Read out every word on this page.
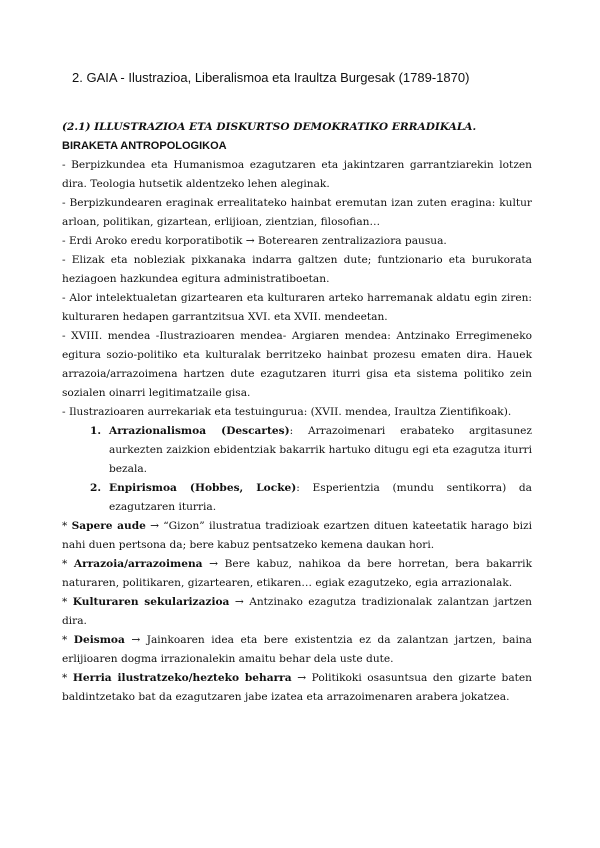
2. GAIA - Ilustrazioa, Liberalismoa eta Iraultza Burgesak (1789-1870)

(2.1) ILLUSTRAZIOA ETA DISKURTSO DEMOKRATIKO ERRADIKALA.

BIRAKETA ANTROPOLOGIKOA

- Berpizkundea eta Humanismoa ezagutzaren eta jakintzaren garrantziarekin lotzen dira. Teologia hutsetik aldentzeko lehen aleginak.

- Berpizkundearen eraginak errealitateko hainbat eremutan izan zuten eragina: kultur arloan, politikan, gizartean, erlijioan, zientzian, filosofian…

- Erdi Aroko eredu korporatibotik → Boterearen zentralizaziora pausua.

- Elizak eta nobleziak pixkanaka indarra galtzen dute; funtzionario eta burukorata heziagoen hazkundea egitura administratiboetan.

- Alor intelektualetan gizartearen eta kulturaren arteko harremanak aldatu egin ziren: kulturaren hedapen garrantzitsua XVI. eta XVII. mendeetan.

- XVIII. mendea -Ilustrazioaren mendea- Argiaren mendea: Antzinako Erregimeneko egitura sozio-politiko eta kulturalak berritzeko hainbat prozesu ematen dira. Hauek arrazoia/arrazoimena hartzen dute ezagutzaren iturri gisa eta sistema politiko zein sozialen oinarri legitimatzaile gisa.

- Ilustrazioaren aurrekariak eta testuingurua: (XVII. mendea, Iraultza Zientifikoak).

1. Arrazionalismoa (Descartes): Arrazoimenari erabateko argitasunez aurkezten zaizkion ebidentziak bakarrik hartuko ditugu egi eta ezagutza iturri bezala.
2. Enpirismoa (Hobbes, Locke): Esperientzia (mundu sentikorra) da ezagutzaren iturria.

* Sapere aude → “Gizon” ilustratua tradizioak ezartzen dituen kateetatik harago bizi nahi duen pertsona da; bere kabuz pentsatzeko kemena daukan hori.

* Arrazoia/arrazoimena → Bere kabuz, nahikoa da bere horretan, bera bakarrik naturaren, politikaren, gizartearen, etikaren… egiak ezagutzeko, egia arrazionalak.

* Kulturaren sekularizazioa → Antzinako ezagutza tradizionalak zalantzan jartzen dira.

* Deismoa → Jainkoaren idea eta bere existentzia ez da zalantzan jartzen, baina erlijioaren dogma irrazionalekin amaitu behar dela uste dute.

* Herria ilustratzeko/hezteko beharra → Politikoki osasuntsua den gizarte baten baldintzetako bat da ezagutzaren jabe izatea eta arrazoimenaren arabera jokatzea.
